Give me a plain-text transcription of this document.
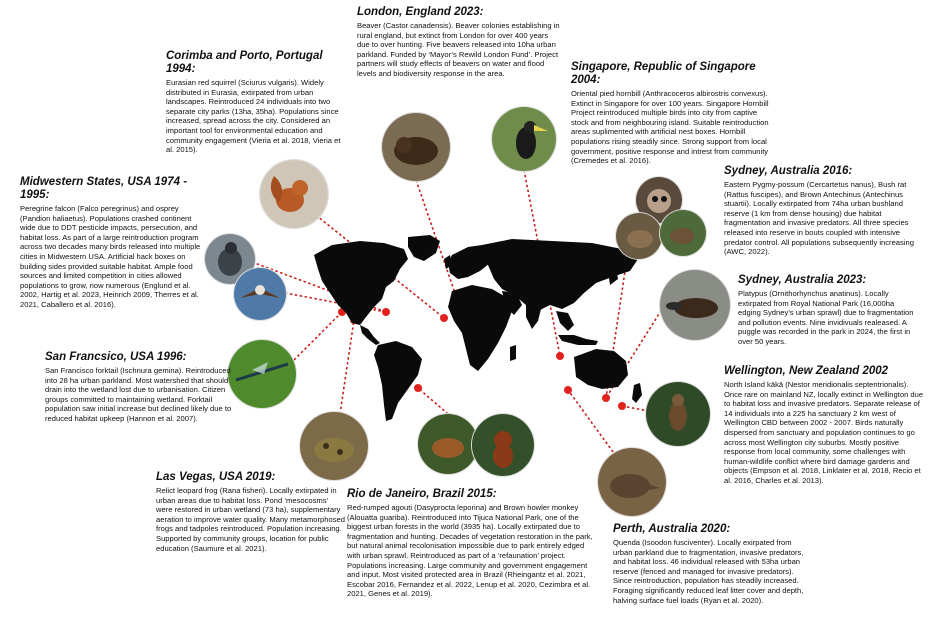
London, England 2023:
Beaver (Castor canadensis). Beaver colonies establishing in rural england, but extinct from London for over 400 years due to over hunting. Five beavers released into 10ha urban parkland. Funded by ‘Mayor’s Rewild London Fund’. Project partners will study effects of beavers on water and flood levels and biodiversity response in the area.
Corimba and Porto, Portugal 1994:
Eurasian red squirrel (Sciurus vulgaris). Widely distributed in Eurasia, extirpated from urban landscapes. Reintroduced 24 individuals into two separate city parks (13ha, 35ha). Populations since increased, spread across the city. Considered an important tool for environmental education and community engagement (Vieria et al. 2018, Vieria et al. 2015).
Singapore, Republic of Singapore 2004:
Oriental pied hornbill (Anthracoceros albirostris convexus). Extinct in Singapore for over 100 years. Singapore Hornbill Project reintroduced multiple birds into city from captive stock and from neighbouring island. Suitable reintroduction areas suplimented with artificial nest boxes. Hornbill populations rising steadily since. Strong support from local government, positive response and intrest from community (Cremedes et al. 2016).
Midwestern States, USA 1974 - 1995:
Peregrine falcon (Falco peregrinus) and osprey (Pandion haliaetus). Populations crashed continent wide due to DDT pesticide impacts, persecution, and habitat loss. As part of a large reintroduction program across two decades many birds released into multiple cities in Midwestern USA. Artificial hack boxes on building sides provided suitable habitat. Ample food sources and limited competition in cities allowed populations to grow, now numerous (Englund et al. 2002, Hartig et al. 2023, Heinrich 2009, Therres et al. 2021, Caballero et al. 2016).
Sydney, Australia 2016:
Eastern Pygmy-possum (Cercartetus nanus), Bush rat (Rattus fuscipes), and Brown Antechinus (Antechinus stuartii). Locally extirpated from 74ha urban bushland reserve (1 km from dense housing) due habitat fragmentation and invasive predators. All three species released into reserve in bouts coupled with intensive predator control. All populations subsequently increasing (AWC, 2022).
Sydney, Australia 2023:
Platypus (Ornithorhynchus anatinus). Locally extirpated from Royal National Park (16,000ha edging Sydney’s urban sprawl) due to fragmentation and pollution events. Nine invidivuals realeased. A puggle was recorded in the park in 2024, the first in over 50 years.
San Francsico, USA 1996:
San Francisco forktail (Ischnura gemina). Reintroduced into 28 ha urban parkland. Most watershed that should drain into the wetland lost due to urbanisation. Citizen groups committed to maintaining wetland. Forktail population saw initial increase but declined likely due to reduced habitat upkeep (Hannon et al. 2007).
Wellington, New Zealand 2002
North Island kākā (Nestor meridionalis septentrionalis). Once rare on mainland NZ, locally extinct in Wellington due to habitat loss and invasive predators. Separate release of 14 individuals into a 225 ha sanctuary 2 km west of Wellington CBD between 2002 - 2007. Birds naturally dispersed from sanctuary and population continues to go across most Wellington city suburbs. Mostly positive response from local community, some challenges with human-wildlife conflict where bird damage gardens and objects (Empson et al. 2018, Linklater et al. 2018, Recio et al. 2016, Charles et al. 2013).
Las Vegas, USA 2019:
Relict leopard frog (Rana fisheri). Locally extirpated in urban areas due to habitat loss. Pond ‘mesocosms’ were restored in urban wetland (73 ha), supplementary aeration to improve water quality. Many metamorphosed frogs and tadpoles reintroduced. Population increasing. Supported by community groups, location for public education (Saumure et al. 2021).
Rio de Janeiro, Brazil 2015:
Red-rumped agouti (Dasyprocta leporina) and Brown howler monkey (Alouatta guariba). Reintroduced into Tijuca National Park, one of the biggest urban forests in the world (3935 ha). Locally extirpated due to fragmentation and hunting. Decades of vegetation restoration in the park, but natural animal recolonisation impossible due to park entirely edged with urban sprawl. Reintroduced as part of a ‘refaunation’ project. Populations increasing. Large community and government engagement and input. Most visited protected area in Brazil (Rheingantz et al. 2021, Escobar 2016, Fernandez et al. 2022, Lenup et al. 2020, Cezimbra et al. 2021, Genes et al. 2019).
Perth, Australia 2020:
Quenda (Isoodon fusciventer). Locally exirpated from urban parkland due to fragmentation, invasive predators, and habitat loss. 46 individual released with 53ha urban reserve (fenced and managed for invasive predators). Since reintroduction, population has steadily increased. Foraging significantly reduced leaf litter cover and depth, halving surface fuel loads (Ryan et al. 2020).
